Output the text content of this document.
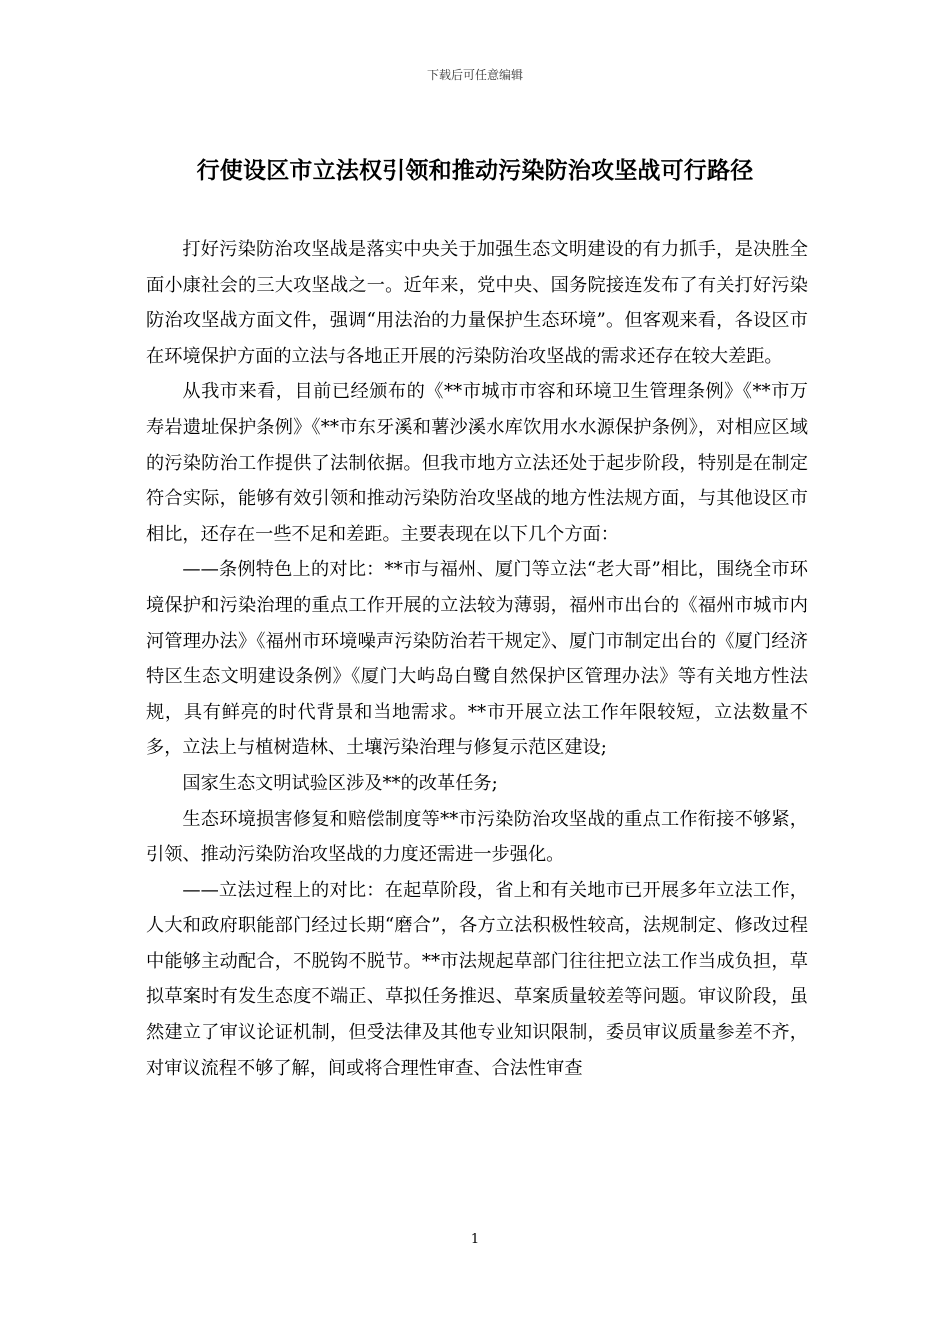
下载后可任意编辑
行使设区市立法权引领和推动污染防治攻坚战可行路径

打好污染防治攻坚战是落实中央关于加强生态文明建设的有力抓手，是决胜全面小康社会的三大攻坚战之一。近年来，党中央、国务院接连发布了有关打好污染防治攻坚战方面文件，强调“用法治的力量保护生态环境”。但客观来看，各设区市在环境保护方面的立法与各地正开展的污染防治攻坚战的需求还存在较大差距。

从我市来看，目前已经颁布的《**市城市市容和环境卫生管理条例》《**市万寿岩遗址保护条例》《**市东牙溪和薯沙溪水库饮用水水源保护条例》，对相应区域的污染防治工作提供了法制依据。但我市地方立法还处于起步阶段，特别是在制定符合实际，能够有效引领和推动污染防治攻坚战的地方性法规方面，与其他设区市相比，还存在一些不足和差距。主要表现在以下几个方面：

——条例特色上的对比：**市与福州、厦门等立法“老大哥”相比，围绕全市环境保护和污染治理的重点工作开展的立法较为薄弱，福州市出台的《福州市城市内河管理办法》《福州市环境噪声污染防治若干规定》、厦门市制定出台的《厦门经济特区生态文明建设条例》《厦门大屿岛白鹭自然保护区管理办法》等有关地方性法规，具有鲜亮的时代背景和当地需求。**市开展立法工作年限较短，立法数量不多，立法上与植树造林、土壤污染治理与修复示范区建设;

国家生态文明试验区涉及**的改革任务;

生态环境损害修复和赔偿制度等**市污染防治攻坚战的重点工作衔接不够紧，引领、推动污染防治攻坚战的力度还需进一步强化。

——立法过程上的对比：在起草阶段，省上和有关地市已开展多年立法工作，人大和政府职能部门经过长期“磨合”，各方立法积极性较高，法规制定、修改过程中能够主动配合，不脱钩不脱节。**市法规起草部门往往把立法工作当成负担，草拟草案时有发生态度不端正、草拟任务推迟、草案质量较差等问题。审议阶段，虽然建立了审议论证机制，但受法律及其他专业知识限制，委员审议质量参差不齐，对审议流程不够了解，间或将合理性审查、合法性审查

1
